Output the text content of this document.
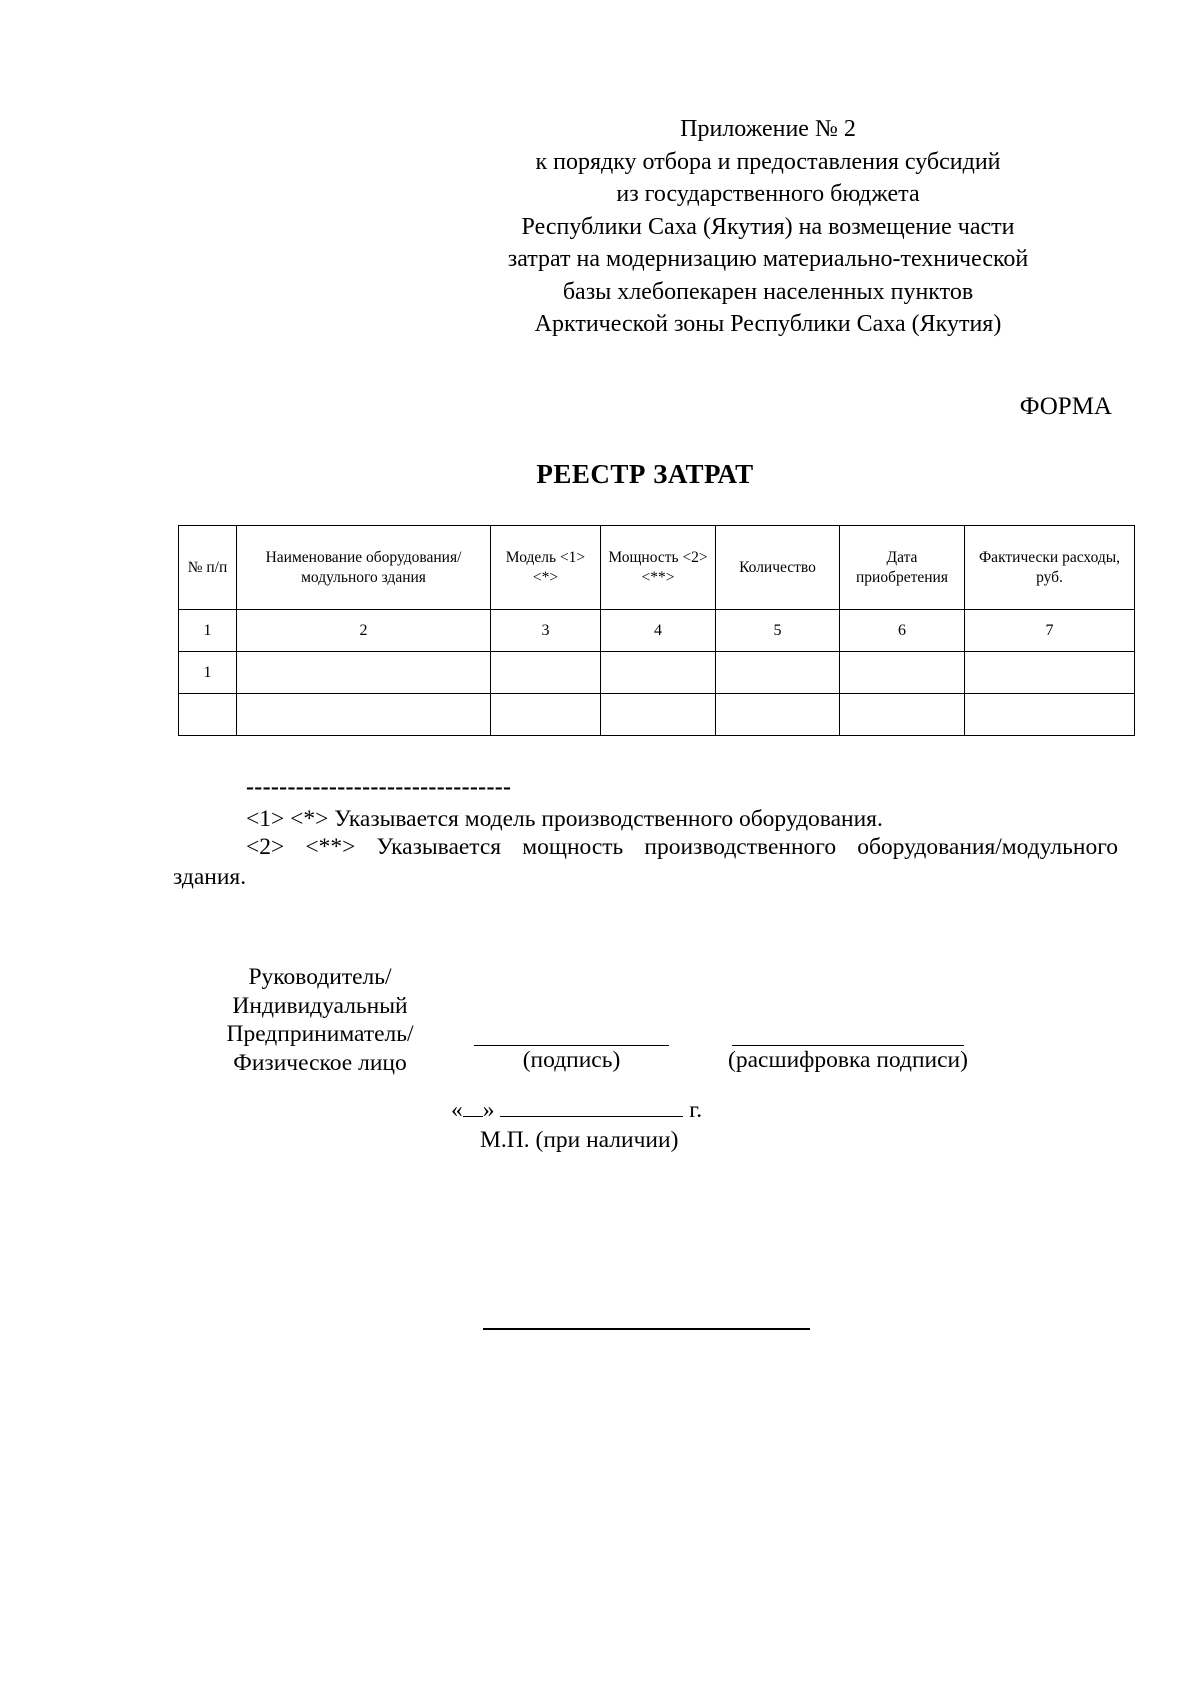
Приложение № 2
к порядку отбора и предоставления субсидий
из государственного бюджета
Республики Саха (Якутия) на возмещение части
затрат на модернизацию материально-технической
базы хлебопекарен населенных пунктов
Арктической зоны Республики Саха (Якутия)
ФОРМА
РЕЕСТР ЗАТРАТ
№ п/п	Наименование оборудования/модульного здания	Модель <1><*>	Мощность <2> <**>	Количество	Дата приобретения	Фактически расходы, руб.
1	2	3	4	5	6	7
1						

--------------------------------
<1> <*> Указывается модель производственного оборудования.
<2> <**> Указывается мощность производственного оборудования/модульного здания.
Руководитель/
Индивидуальный
Предприниматель/
Физическое лицо	(подпись)	(расшифровка подписи)
« »	г.
М.П. (при наличии)
